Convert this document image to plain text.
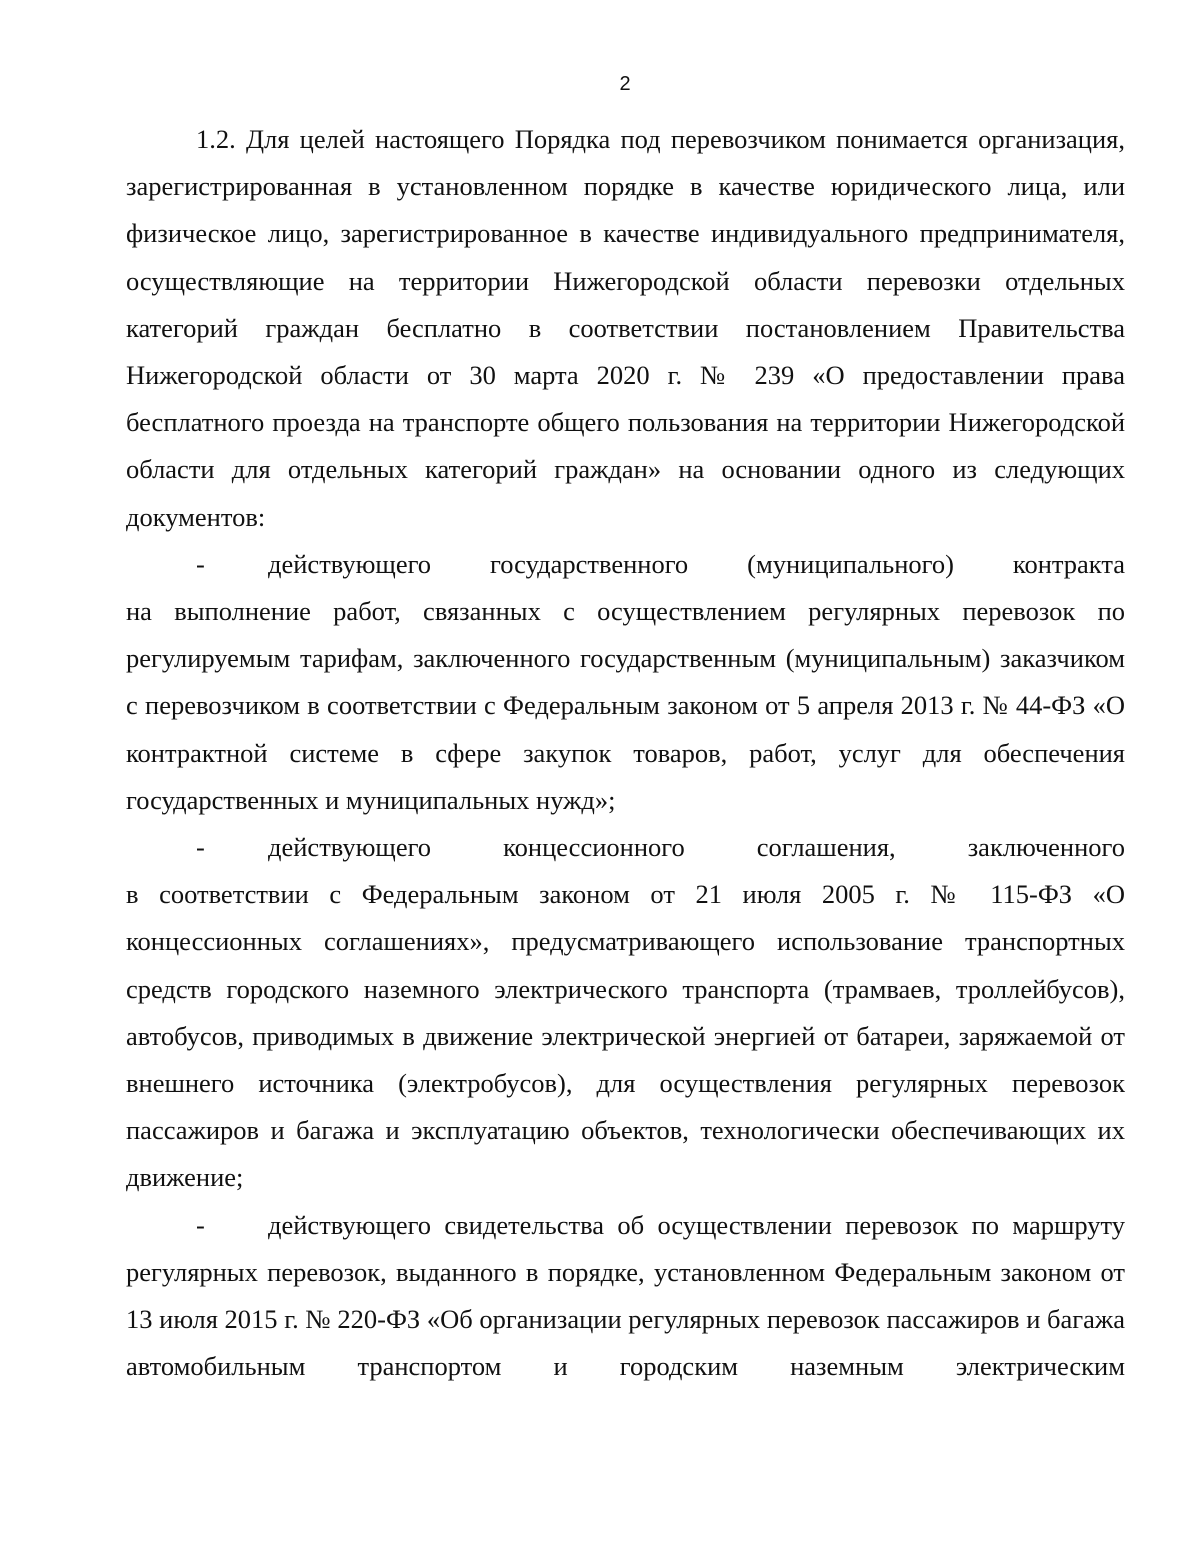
2

1.2. Для целей настоящего Порядка под перевозчиком понимается организация, зарегистрированная в установленном порядке в качестве юридического лица, или физическое лицо, зарегистрированное в качестве индивидуального предпринимателя, осуществляющие на территории Нижегородской области перевозки отдельных категорий граждан бесплатно в соответствии постановлением Правительства Нижегородской области от 30 марта 2020 г. № 239 «О предоставлении права бесплатного проезда на транспорте общего пользования на территории Нижегородской области для отдельных категорий граждан» на основании одного из следующих документов:

-	действующего государственного (муниципального) контракта

на выполнение работ, связанных с осуществлением регулярных перевозок по регулируемым тарифам, заключенного государственным (муниципальным) заказчиком с перевозчиком в соответствии с Федеральным законом от 5 апреля 2013 г. № 44-ФЗ «О контрактной системе в сфере закупок товаров, работ, услуг для обеспечения государственных и муниципальных нужд»;

-	действующего концессионного соглашения, заключенного

в соответствии с Федеральным законом от 21 июля 2005 г. № 115-ФЗ «О концессионных соглашениях», предусматривающего использование транспортных средств городского наземного электрического транспорта (трамваев, троллейбусов), автобусов, приводимых в движение электрической энергией от батареи, заряжаемой от внешнего источника (электробусов), для осуществления регулярных перевозок пассажиров и багажа и эксплуатацию объектов, технологически обеспечивающих их движение;

-	действующего свидетельства об осуществлении перевозок по маршруту

регулярных перевозок, выданного в порядке, установленном Федеральным законом от 13 июля 2015 г. № 220-ФЗ «Об организации регулярных перевозок пассажиров и багажа автомобильным транспортом и городским наземным электрическим
